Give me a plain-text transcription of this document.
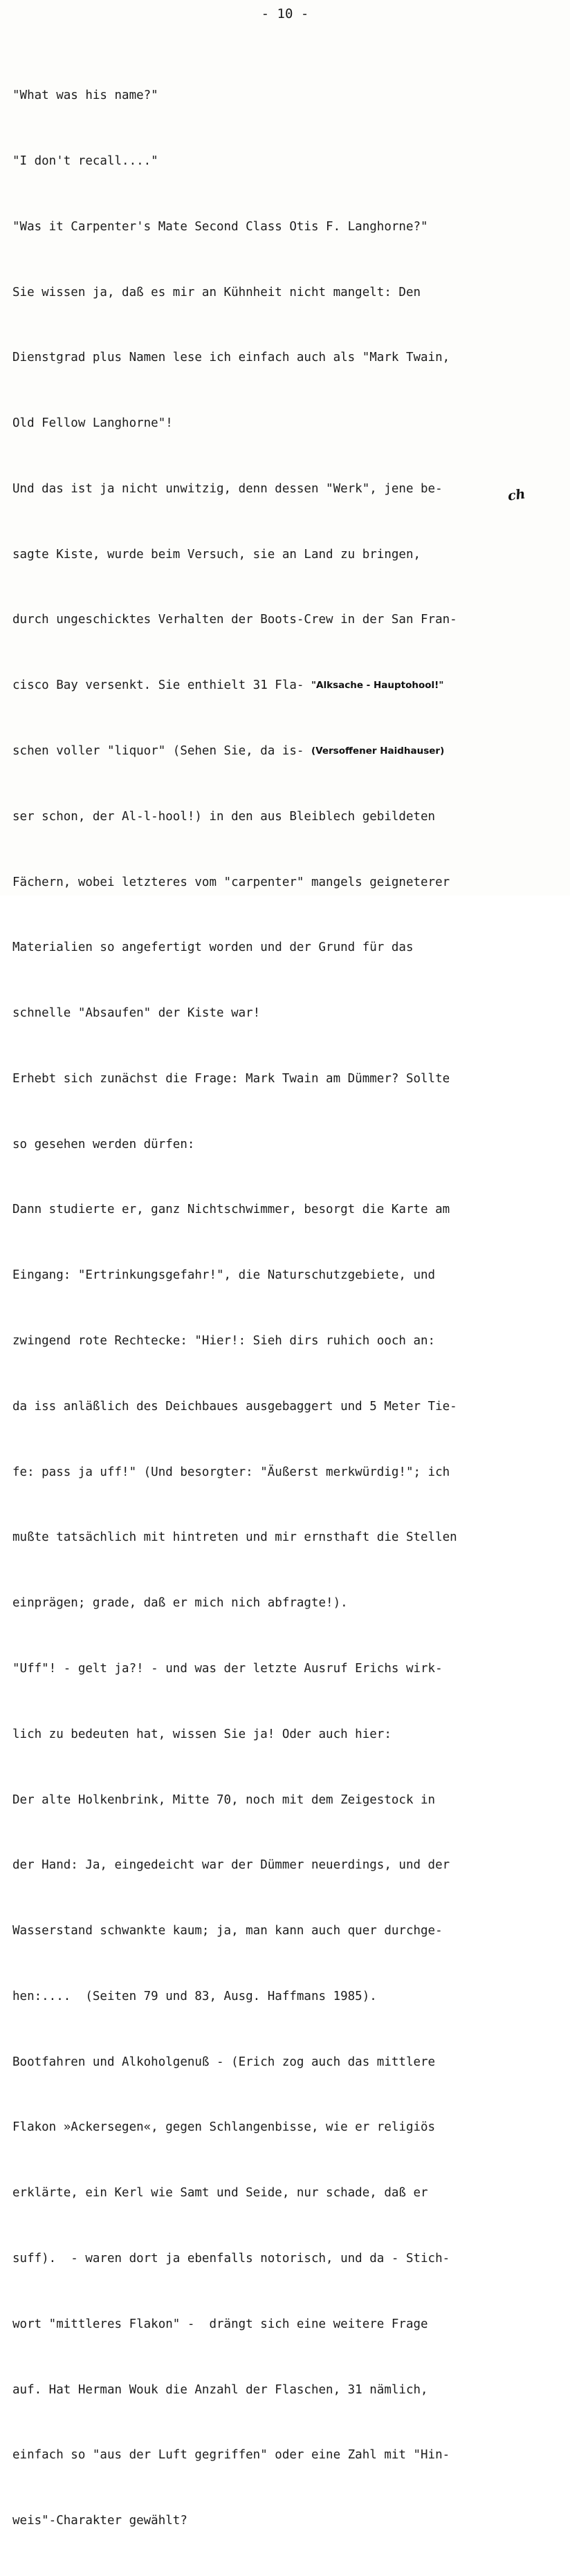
- 10 -

"What was his name?"

"I don't recall...."

"Was it Carpenter's Mate Second Class Otis F. Langhorne?"

Sie wissen ja, daß es mir an Kühnheit nicht mangelt: Den

Dienstgrad plus Namen lese ich einfach auch als "Mark Twain,

Old Fellow Langhorne"!

Und das ist ja nicht unwitzig, denn dessen "Werk", jene be-

sagte Kiste, wurde beim Versuch, sie an Land zu bringen,

durch ungeschicktes Verhalten der Boots-Crew in der San Fran-

cisco Bay versenkt. Sie enthielt 31 Fla- "Alksache - Hauptohool!"

schen voller "liquor" (Sehen Sie, da is- (Versoffener Haidhauser)

ser schon, der Al-l-hool!) in den aus Bleiblech gebildeten

Fächern, wobei letzteres vom "carpenter" mangels geigneterer

Materialien so angefertigt worden und der Grund für das

schnelle "Absaufen" der Kiste war!

Erhebt sich zunächst die Frage: Mark Twain am Dümmer? Sollte

so gesehen werden dürfen:

Dann studierte er, ganz Nichtschwimmer, besorgt die Karte am

Eingang: "Ertrinkungsgefahr!", die Naturschutzgebiete, und

zwingend rote Rechtecke: "Hier!: Sieh dirs ruhich ooch an:

da iss anläßlich des Deichbaues ausgebaggert und 5 Meter Tie-

fe: pass ja uff!" (Und besorgter: "Äußerst merkwürdig!"; ich

mußte tatsächlich mit hintreten und mir ernsthaft die Stellen

einprägen; grade, daß er mich nich abfragte!).

"Uff"! - gelt ja?! - und was der letzte Ausruf Erichs wirk-

lich zu bedeuten hat, wissen Sie ja! Oder auch hier:

Der alte Holkenbrink, Mitte 70, noch mit dem Zeigestock in

der Hand: Ja, eingedeicht war der Dümmer neuerdings, und der

Wasserstand schwankte kaum; ja, man kann auch quer durchge-

hen:....  (Seiten 79 und 83, Ausg. Haffmans 1985).

Bootfahren und Alkoholgenuß - (Erich zog auch das mittlere

Flakon »Ackersegen«, gegen Schlangenbisse, wie er religiös

erklärte, ein Kerl wie Samt und Seide, nur schade, daß er

suff).  - waren dort ja ebenfalls notorisch, und da - Stich-

wort "mittleres Flakon" -  drängt sich eine weitere Frage

auf. Hat Herman Wouk die Anzahl der Flaschen, 31 nämlich,

einfach so "aus der Luft gegriffen" oder eine Zahl mit "Hin-

weis"-Charakter gewählt?

ch
